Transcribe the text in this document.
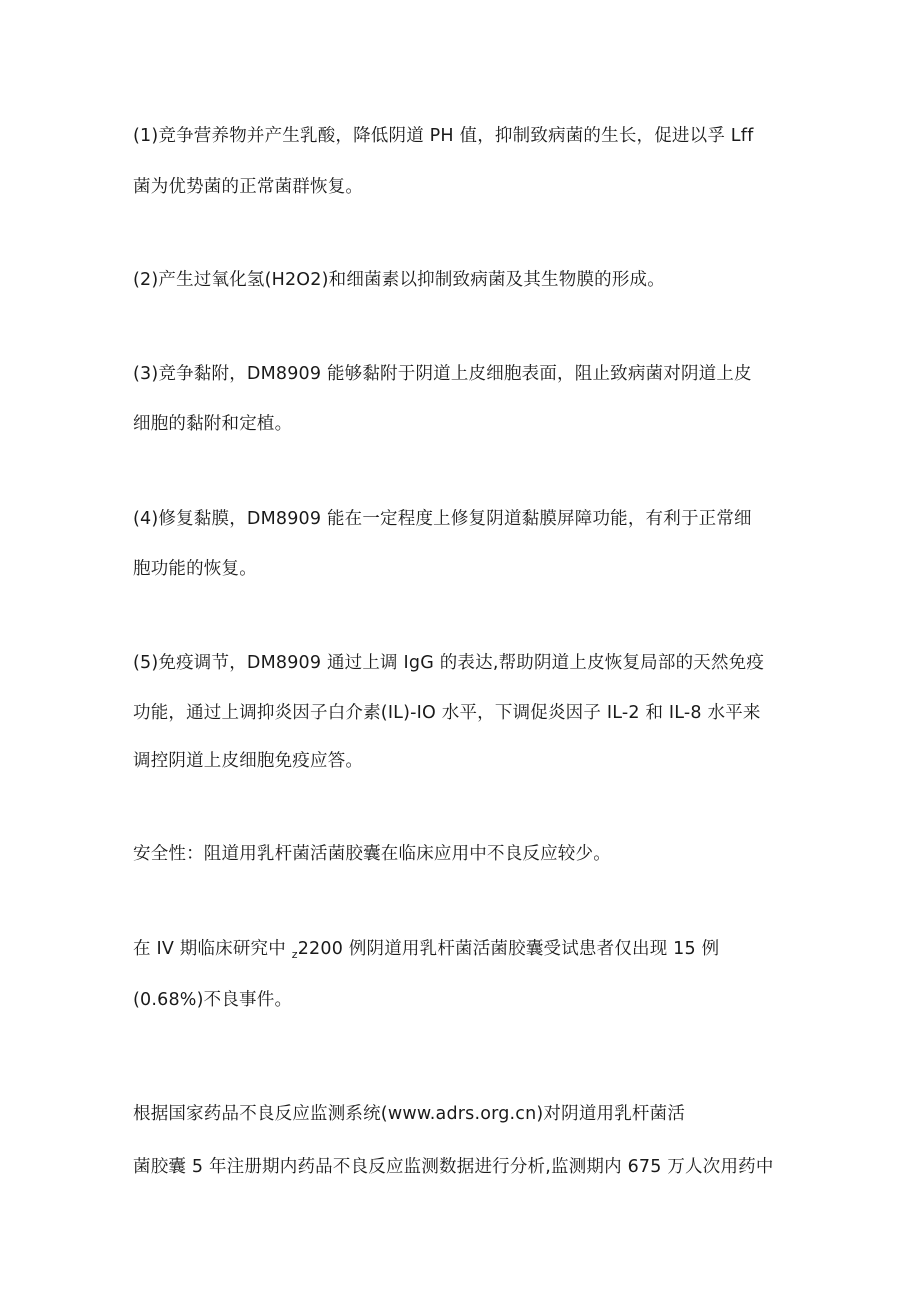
(1)竞争营养物并产生乳酸，降低阴道 PH 值，抑制致病菌的生长，促进以孚 Lff

菌为优势菌的正常菌群恢复。

(2)产生过氧化氢(H2O2)和细菌素以抑制致病菌及其生物膜的形成。

(3)竞争黏附，DM8909 能够黏附于阴道上皮细胞表面，阻止致病菌对阴道上皮

细胞的黏附和定植。

(4)修复黏膜，DM8909 能在一定程度上修复阴道黏膜屏障功能，有利于正常细

胞功能的恢复。

(5)免疫调节，DM8909 通过上调 IgG 的表达,帮助阴道上皮恢复局部的天然免疫

功能，通过上调抑炎因子白介素(IL)-IO 水平，下调促炎因子 IL-2 和 IL-8 水平来

调控阴道上皮细胞免疫应答。

安全性：阻道用乳杆菌活菌胶囊在临床应用中不良反应较少。

在 IV 期临床研究中 $_z$2200 例阴道用乳杆菌活菌胶囊受试患者仅出现 15 例

(0.68%)不良事件。

根据国家药品不良反应监测系统(www.adrs.org.cn)对阴道用乳杆菌活

菌胶囊 5 年注册期内药品不良反应监测数据进行分析,监测期内 675 万人次用药中
